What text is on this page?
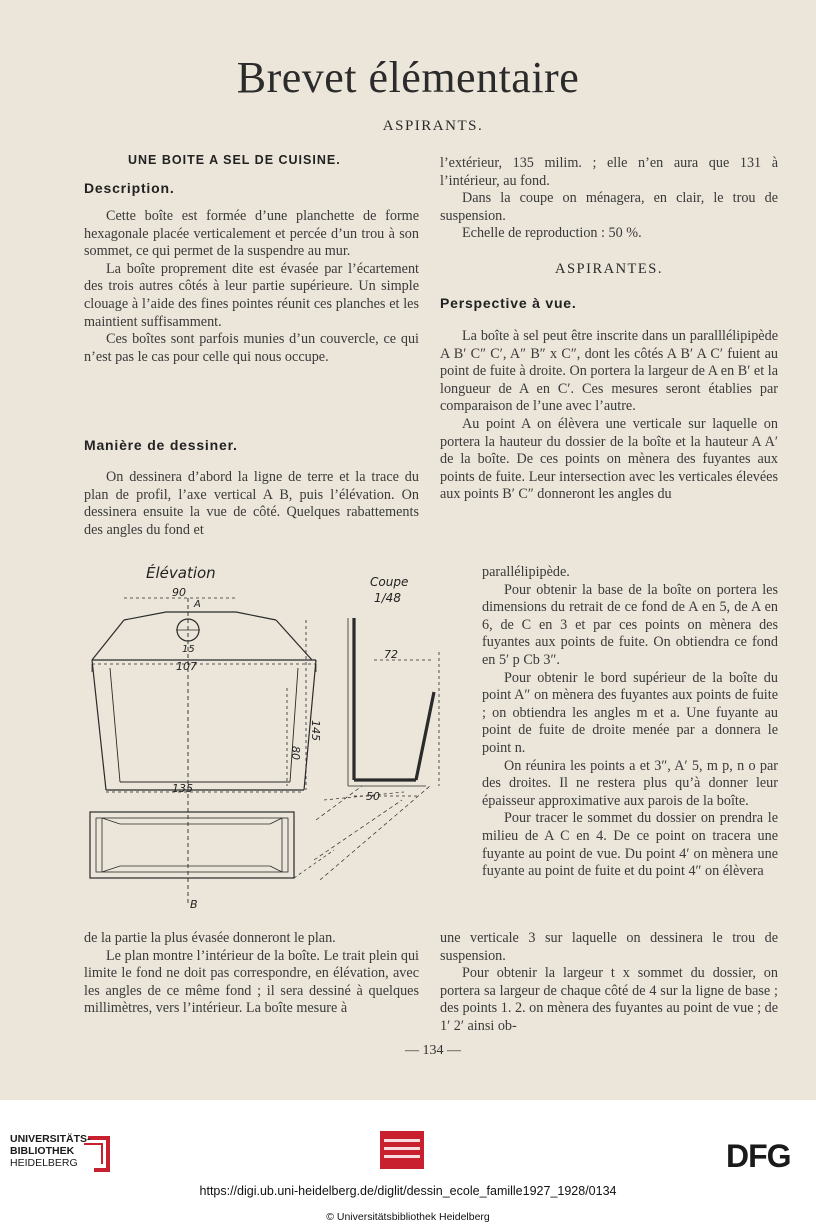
Brevet élémentaire
ASPIRANTS.
UNE BOITE A SEL DE CUISINE.
Description.

Cette boîte est formée d’une planchette de forme hexagonale placée verticalement et percée d’un trou à son sommet, ce qui permet de la suspendre au mur.

La boîte proprement dite est évasée par l’écartement des trois autres côtés à leur partie supérieure. Un simple clouage à l’aide des fines pointes réunit ces planches et les maintient suffisamment.

Ces boîtes sont parfois munies d’un couvercle, ce qui n’est pas le cas pour celle qui nous occupe.

Manière de dessiner.

On dessinera d’abord la ligne de terre et la trace du plan de profil, l’axe vertical A B, puis l’élévation. On dessinera ensuite la vue de côté. Quelques rabattements des angles du fond et

Élévation	Coupe
1/48
90
A
15
107
72
80
145
135
50
B

de la partie la plus évasée donneront le plan.

Le plan montre l’intérieur de la boîte. Le trait plein qui limite le fond ne doit pas correspondre, en élévation, avec les angles de ce même fond ; il sera dessiné à quelques millimètres, vers l’intérieur. La boîte mesure à

l’extérieur, 135 milim. ; elle n’en aura que 131 à l’intérieur, au fond.

Dans la coupe on ménagera, en clair, le trou de suspension.

Echelle de reproduction : 50 %.

ASPIRANTES.
Perspective à vue.

La boîte à sel peut être inscrite dans un paralllélipipède A B′ C″ C′, A″ B″ x C″, dont les côtés A B′ A C′ fuient au point de fuite à droite. On portera la largeur de A en B′ et la longueur de A en C′. Ces mesures seront établies par comparaison de l’une avec l’autre.

Au point A on élèvera une verticale sur laquelle on portera la hauteur du dossier de la boîte et la hauteur A A′ de la boîte. De ces points on mènera des fuyantes aux points de fuite. Leur intersection avec les verticales élevées aux points B′ C″ donneront les angles du

parallélipipède.

Pour obtenir la base de la boîte on portera les dimensions du retrait de ce fond de A en 5, de A en 6, de C en 3 et par ces points on mènera des fuyantes aux points de fuite. On obtiendra ce fond en 5′ p Cb 3″.

Pour obtenir le bord supérieur de la boîte du point A″ on mènera des fuyantes aux points de fuite ; on obtiendra les angles m et a. Une fuyante au point de fuite de droite menée par a donnera le point n.

On réunira les points a et 3″, A′ 5, m p, n o par des droites. Il ne restera plus qu’à donner leur épaisseur approximative aux parois de la boîte.

Pour tracer le sommet du dossier on prendra le milieu de A C en 4. De ce point on tracera une fuyante au point de vue. Du point 4′ on mènera une fuyante au point de fuite et du point 4″ on élèvera

une verticale 3 sur laquelle on dessinera le trou de suspension.

Pour obtenir la largeur t x sommet du dossier, on portera sa largeur de chaque côté de 4 sur la ligne de base ; des points 1. 2. on mènera des fuyantes au point de vue ; de 1′ 2′ ainsi ob-

— 134 —
UNIVERSITÄTS-
BIBLIOTHEK
HEIDELBERG	DFG
https://digi.ub.uni-heidelberg.de/diglit/dessin_ecole_famille1927_1928/0134
© Universitätsbibliothek Heidelberg
